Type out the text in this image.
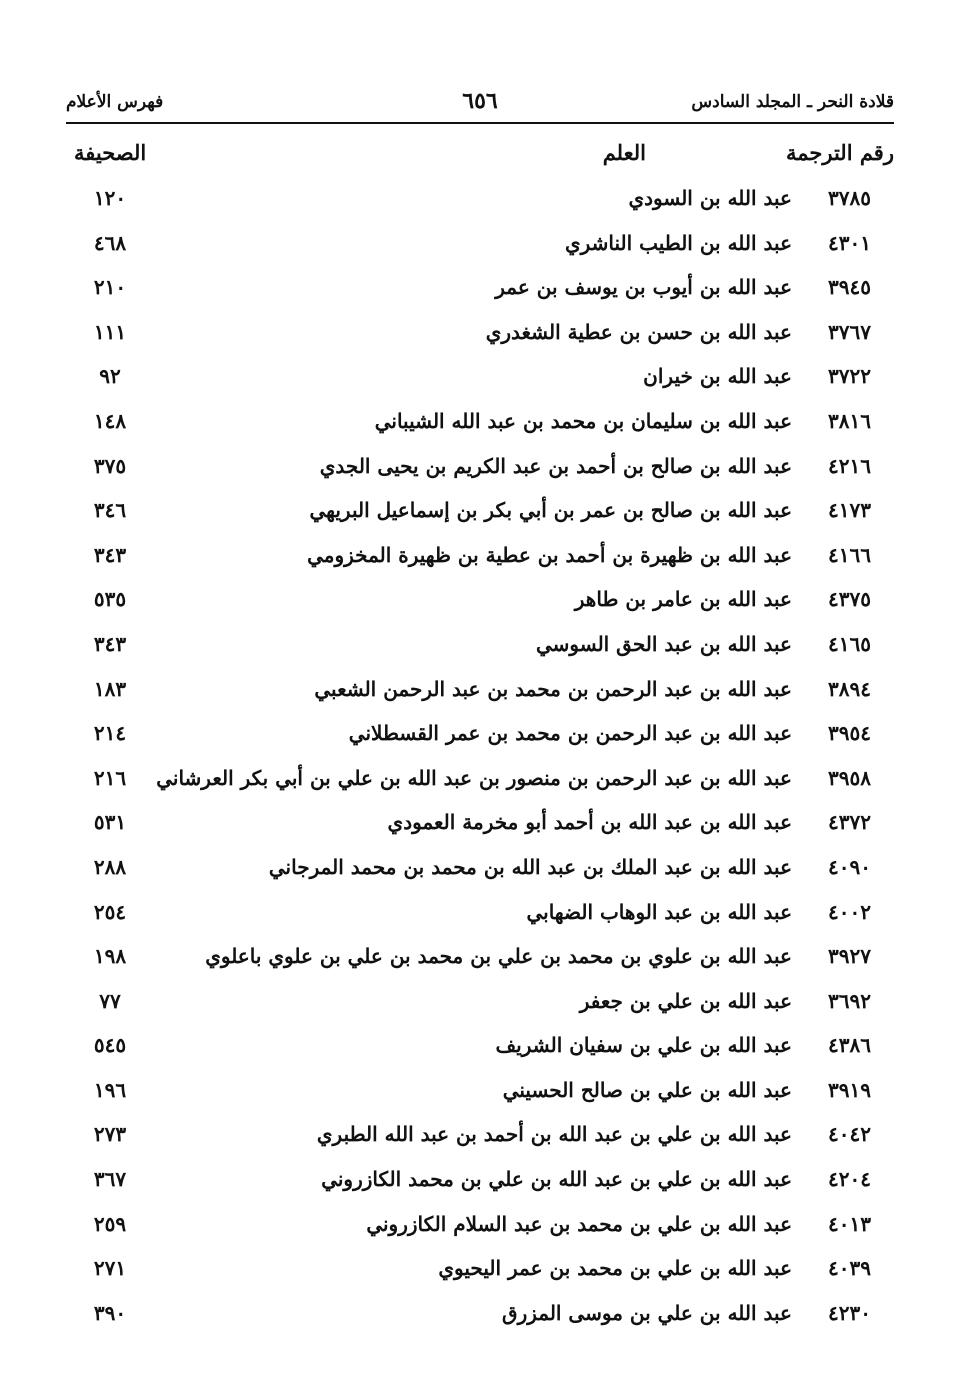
قلادة النحر ـ المجلد السادس
٦٥٦
فهرس الأعلام
رقم الترجمة
العلم
الصحيفة
٣٧٨٥
عبد الله بن السودي
١٢٠
٤٣٠١
عبد الله بن الطيب الناشري
٤٦٨
٣٩٤٥
عبد الله بن أيوب بن يوسف بن عمر
٢١٠
٣٧٦٧
عبد الله بن حسن بن عطية الشغدري
١١١
٣٧٢٢
عبد الله بن خيران
٩٢
٣٨١٦
عبد الله بن سليمان بن محمد بن عبد الله الشيباني
١٤٨
٤٢١٦
عبد الله بن صالح بن أحمد بن عبد الكريم بن يحيى الجدي
٣٧٥
٤١٧٣
عبد الله بن صالح بن عمر بن أبي بكر بن إسماعيل البريهي
٣٤٦
٤١٦٦
عبد الله بن ظهيرة بن أحمد بن عطية بن ظهيرة المخزومي
٣٤٣
٤٣٧٥
عبد الله بن عامر بن طاهر
٥٣٥
٤١٦٥
عبد الله بن عبد الحق السوسي
٣٤٣
٣٨٩٤
عبد الله بن عبد الرحمن بن محمد بن عبد الرحمن الشعبي
١٨٣
٣٩٥٤
عبد الله بن عبد الرحمن بن محمد بن عمر القسطلاني
٢١٤
٣٩٥٨
عبد الله بن عبد الرحمن بن منصور بن عبد الله بن علي بن أبي بكر العرشاني
٢١٦
٤٣٧٢
عبد الله بن عبد الله بن أحمد أبو مخرمة العمودي
٥٣١
٤٠٩٠
عبد الله بن عبد الملك بن عبد الله بن محمد بن محمد المرجاني
٢٨٨
٤٠٠٢
عبد الله بن عبد الوهاب الضهابي
٢٥٤
٣٩٢٧
عبد الله بن علوي بن محمد بن علي بن محمد بن علي بن علوي باعلوي
١٩٨
٣٦٩٢
عبد الله بن علي بن جعفر
٧٧
٤٣٨٦
عبد الله بن علي بن سفيان الشريف
٥٤٥
٣٩١٩
عبد الله بن علي بن صالح الحسيني
١٩٦
٤٠٤٢
عبد الله بن علي بن عبد الله بن أحمد بن عبد الله الطبري
٢٧٣
٤٢٠٤
عبد الله بن علي بن عبد الله بن علي بن محمد الكازروني
٣٦٧
٤٠١٣
عبد الله بن علي بن محمد بن عبد السلام الكازروني
٢٥٩
٤٠٣٩
عبد الله بن علي بن محمد بن عمر اليحيوي
٢٧١
٤٢٣٠
عبد الله بن علي بن موسى المزرق
٣٩٠
